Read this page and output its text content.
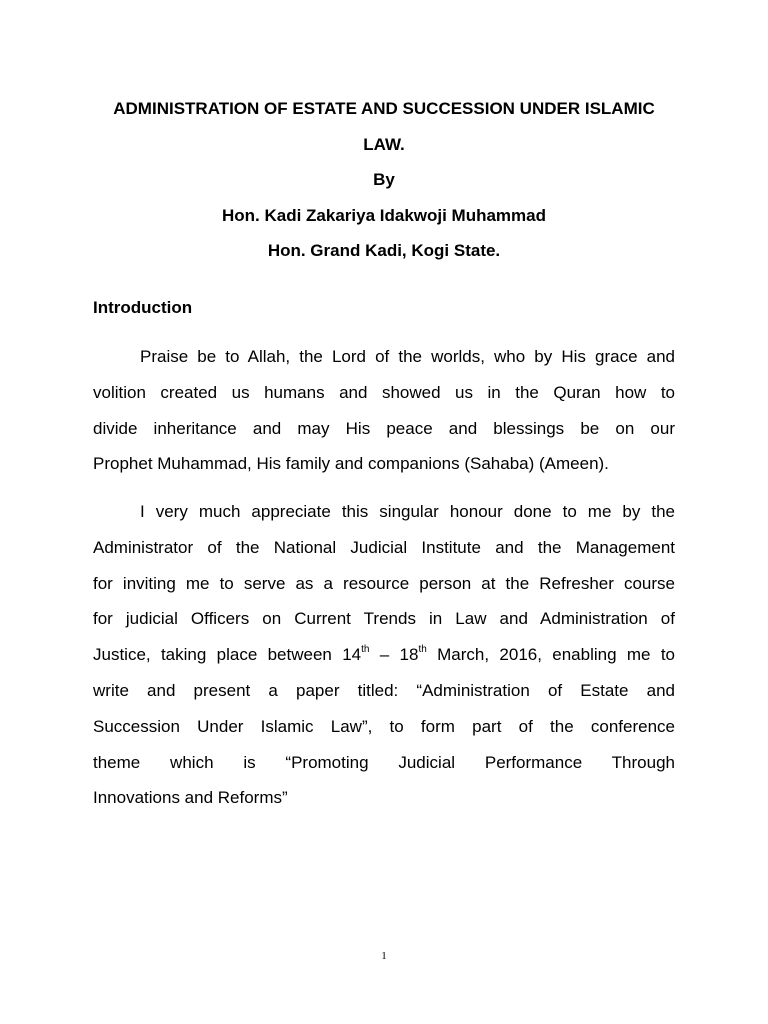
ADMINISTRATION OF ESTATE AND SUCCESSION UNDER ISLAMIC
LAW.
By
Hon. Kadi Zakariya Idakwoji Muhammad
Hon. Grand Kadi, Kogi State.
Introduction
Praise be to Allah, the Lord of the worlds, who by His grace and
volition created us humans and showed us in the Quran how to
divide inheritance and may His peace and blessings be on our
Prophet Muhammad, His family and companions (Sahaba) (Ameen).
I very much appreciate this singular honour done to me by the
Administrator of the National Judicial Institute and the Management
for inviting me to serve as a resource person at the Refresher course
for judicial Officers on Current Trends in Law and Administration of
Justice, taking place between 14th – 18th March, 2016, enabling me to
write and present a paper titled: “Administration of Estate and
Succession Under Islamic Law”, to form part of the conference
theme which is “Promoting Judicial Performance Through
Innovations and Reforms”
1
